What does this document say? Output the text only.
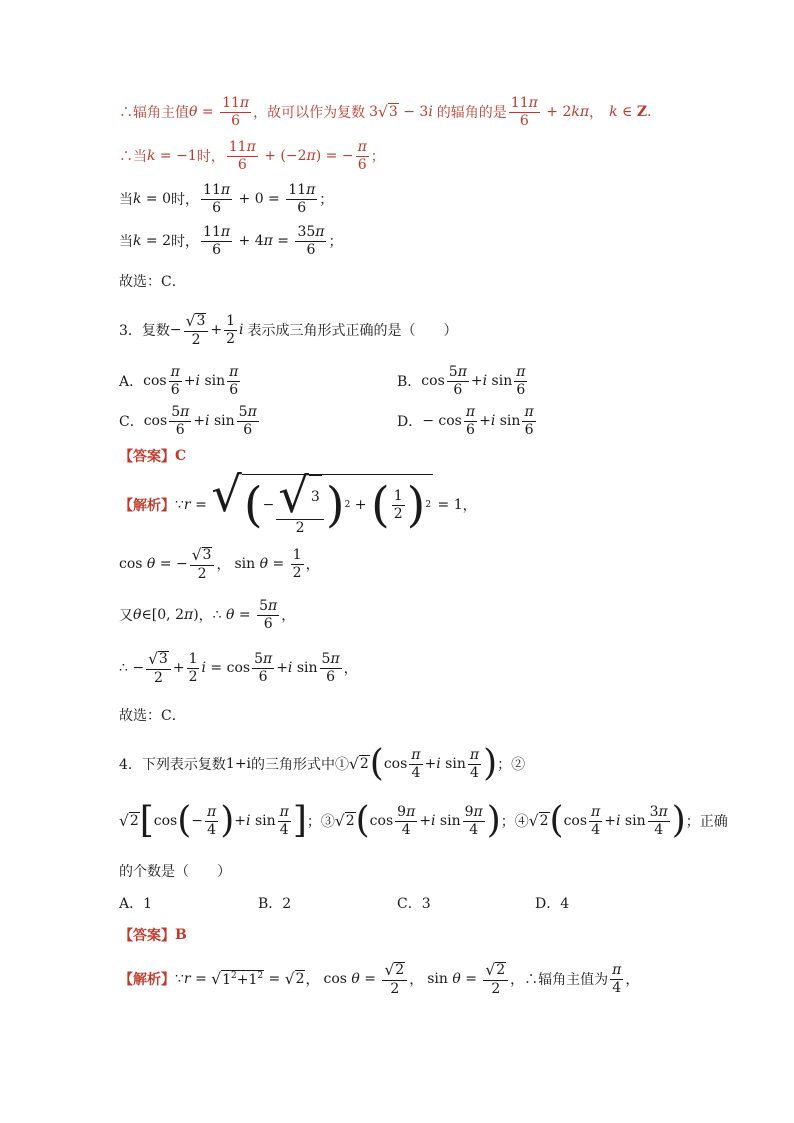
∴辐角主值 $\theta = \frac{11\pi}{6}$ ，故可以作为复数 3 √ 3 − 3i 的辐角的是 $\frac{11\pi}{6} + 2k\pi$ ， k ∈ Z .
∴当 k = −1 时， $\frac{11\pi}{6} + (-2\pi)$ = − $\frac{\pi}{6}$ ；
当 k = 0 时， $\frac{11\pi}{6} + 0 = \frac{11\pi}{6}$ ；
当 k = 2 时， $\frac{11\pi}{6} + 4\pi = \frac{35\pi}{6}$ ；
故选：C．
3．复数 − $\frac{√ 3}{2} + \frac{1}{2}$ i 表示成三角形式正确的是（　　）
A． $\cos \frac{\pi}{6} + i$ $\sin \frac{\pi}{6}$	B． $\cos \frac{5\pi}{6} + i$ $\sin \frac{\pi}{6}$
C． $\cos \frac{5\pi}{6} + i$ $\sin \frac{5\pi}{6}$	D． − $\cos \frac{\pi}{6} + i$ $\sin \frac{\pi}{6}$
【答案】 C
【解析】 ∵ r = √ ( − $\frac{√ 3}{2}$ ) 2 + ( $\frac{1}{2}$ ) 2 = 1 ，
cos θ = − $\frac{√ 3}{2}$ ， $\sin \theta = \frac{1}{2}$ ，
又 θ ∈[0, 2π) ， ∴ $\theta = \frac{5\pi}{6}$ ，
∴ − $\frac{√ 3}{2} + \frac{1}{2}$ $i = \cos \frac{5\pi}{6} + i$ $\sin \frac{5\pi}{6}$ ，
故选：C．
4．下列表示复数 1+i 的三角形式中① √ 2 ( $\cos \frac{\pi}{4} + i$ $\sin \frac{\pi}{4}$ ) ；②
√ 2 [ cos ( − $\frac{\pi}{4}$ ) + i $\sin \frac{\pi}{4}$ ] ；③ √ 2 ( $\cos \frac{9\pi}{4} + i$ $\sin \frac{9\pi}{4}$ ) ；④ √ 2 ( $\cos \frac{\pi}{4} + i$ $\sin \frac{3\pi}{4}$ ) ；正确
的个数是（　　）
A．1	B．2	C．3	D．4
【答案】 B
【解析】 ∵ r = √ $1^2+1^2$ = √ 2 ， $\cos \theta = \frac{√ 2}{2}$ ， $\sin \theta = \frac{√ 2}{2}$ ，∴辐角主值为 $\frac{\pi}{4}$ ，
